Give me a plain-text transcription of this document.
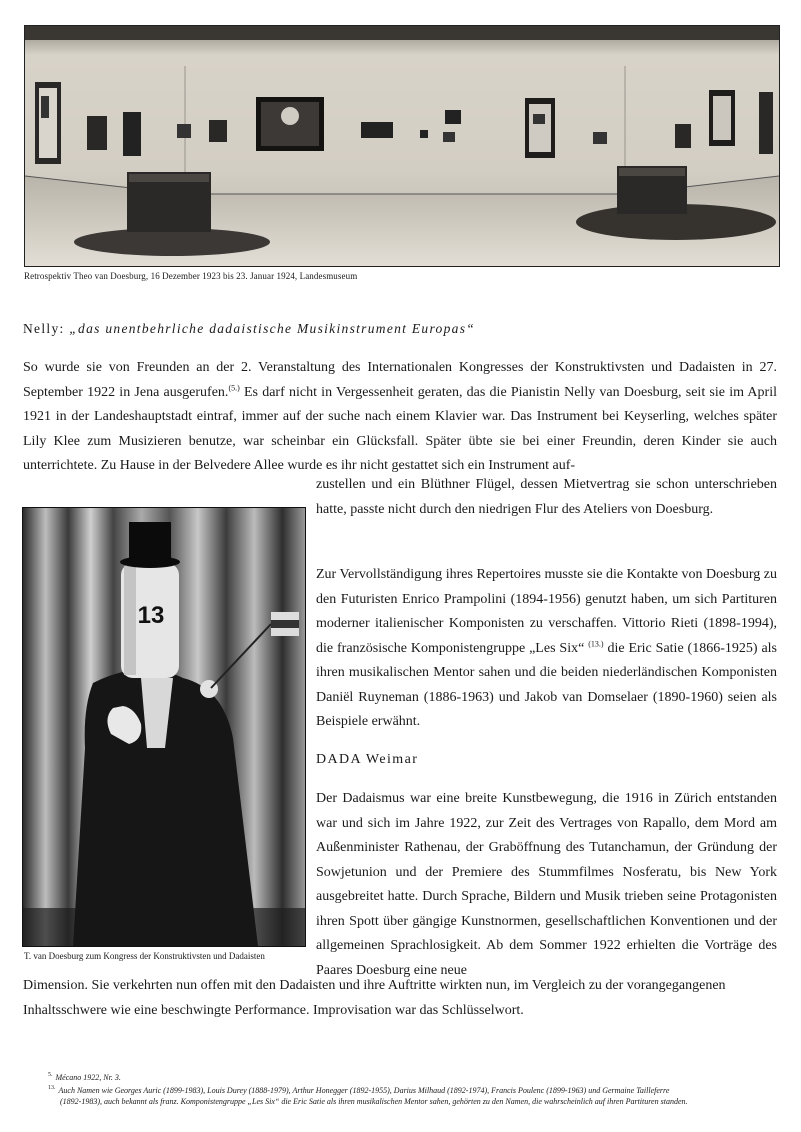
Retrospektiv Theo van Doesburg, 16 Dezember 1923 bis 23. Januar 1924, Landesmuseum
Nelly: „das unentbehrliche dadaistische Musikinstrument Europas“

So wurde sie von Freunden an der 2. Veranstaltung des Internationalen Kongresses der Konstruktivsten und Dadaisten in 27. September 1922 in Jena ausgerufen.$^{(5.)}$ Es darf nicht in Vergessenheit geraten, das die Pianistin Nelly van Doesburg, seit sie im April 1921 in der Landeshauptstadt eintraf, immer auf der suche nach einem Klavier war. Das Instrument bei Keyserling, welches später Lily Klee zum Musizieren benutze, war scheinbar ein Glücksfall. Später übte sie bei einer Freundin, deren Kinder sie auch unterrichtete. Zu Hause in der Belvedere Allee wurde es ihr nicht gestattet sich ein Instrument auf-

zustellen und ein Blüthner Flügel, dessen Mietvertrag sie schon unterschrieben hatte, passte nicht durch den niedrigen Flur des Ateliers von Doesburg.

Zur Vervollständigung ihres Repertoires musste sie die Kontakte von Doesburg zu den Futuristen Enrico Prampolini (1894-1956) genutzt haben, um sich Partituren moderner italienischer Komponisten zu verschaffen. Vittorio Rieti (1898-1994), die französische Komponistengruppe „Les Six“ $^{(13.)}$ die Eric Satie (1866-1925) als ihren musikalischen Mentor sahen und die beiden niederländischen Komponisten Daniël Ruyneman (1886-1963) und Jakob van Domselaer (1890-1960) seien als Beispiele erwähnt.

DADA Weimar

Der Dadaismus war eine breite Kunstbewegung, die 1916 in Zürich entstanden war und sich im Jahre 1922, zur Zeit des Vertrages von Rapallo, dem Mord am Außenminister Rathenau, der Graböffnung des Tutanchamun, der Gründung der Sowjetunion und der Premiere des Stummfilmes Nosferatu, bis New York ausgebreitet hatte. Durch Sprache, Bildern und Musik trieben seine Protagonisten ihren Spott über gängige Kunstnormen, gesellschaftlichen Konventionen und der allgemeinen Sprachlosigkeit. Ab dem Sommer 1922 erhielten die Vorträge des Paares Doesburg eine neue

Dimension. Sie verkehrten nun offen mit den Dadaisten und ihre Auftritte wirkten nun, im Vergleich zu der vorangegangenen Inhaltsschwere wie eine beschwingte Performance. Improvisation war das Schlüsselwort.

13
T. van Doesburg zum Kongress der Konstruktivsten und Dadaisten
$^{5.}$ Mécano 1922, Nr. 3.
$^{13.}$ Auch Namen wie Georges Auric (1899-1983), Louis Durey (1888-1979), Arthur Honegger (1892-1955), Darius Milhaud (1892-1974), Francis Poulenc (1899-1963) und Germaine Tailleferre
(1892-1983), auch bekannt als franz. Komponistengruppe „Les Six“ die Eric Satie als ihren musikalischen Mentor sahen, gehörten zu den Namen, die wahrscheinlich auf ihren Partituren standen.
